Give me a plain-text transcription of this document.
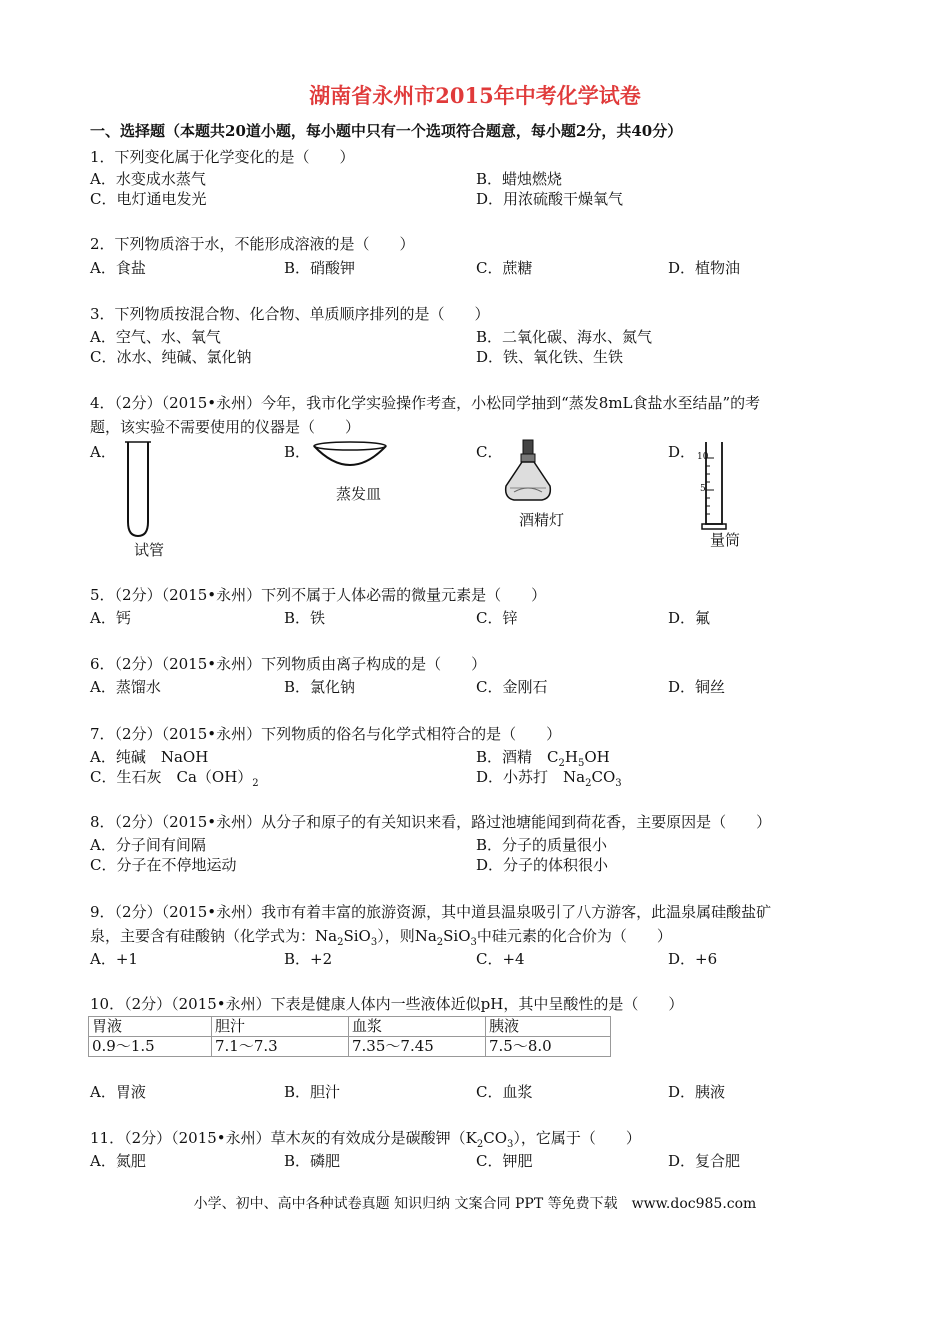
湖南省永州市2015年中考化学试卷
一、选择题（本题共20道小题，每小题中只有一个选项符合题意，每小题2分，共40分）
1．下列变化属于化学变化的是（　　）
A．水变成水蒸气	B．蜡烛燃烧
C．电灯通电发光	D．用浓硫酸干燥氧气
2．下列物质溶于水，不能形成溶液的是（　　）
A．食盐	B．硝酸钾	C．蔗糖	D．植物油
3．下列物质按混合物、化合物、单质顺序排列的是（　　）
A．空气、水、氧气	B．二氧化碳、海水、氮气
C．冰水、纯碱、氯化钠	D．铁、氧化铁、生铁
4．（2分）（2015•永州）今年，我市化学实验操作考查，小松同学抽到“蒸发8mL食盐水至结晶”的考
题，该实验不需要使用的仪器是（　　）
A．	B．	C．	D．
试管
蒸发皿
酒精灯
10
5
量筒
5．（2分）（2015•永州）下列不属于人体必需的微量元素是（　　）
A．钙	B．铁	C．锌	D．氟
6．（2分）（2015•永州）下列物质由离子构成的是（　　）
A．蒸馏水	B．氯化钠	C．金刚石	D．铜丝
7．（2分）（2015•永州）下列物质的俗名与化学式相符合的是（　　）
A．纯碱　NaOH	B．酒精　$C_2H_5OH$
C．生石灰　$Ca(OH)_2$	D．小苏打　$Na_2CO_3$
8．（2分）（2015•永州）从分子和原子的有关知识来看，路过池塘能闻到荷花香，主要原因是（　　）
A．分子间有间隔	B．分子的质量很小
C．分子在不停地运动	D．分子的体积很小
9．（2分）（2015•永州）我市有着丰富的旅游资源，其中道县温泉吸引了八方游客，此温泉属硅酸盐矿
泉，主要含有硅酸钠（化学式为：$Na_2SiO_3$），则$Na_2SiO_3$中硅元素的化合价为（　　）
A．+1	B．+2	C．+4	D．+6
10．（2分）（2015•永州）下表是健康人体内一些液体近似pH，其中呈酸性的是（　　）
胃液	胆汁	血浆	胰液
0.9～1.5	7.1～7.3	7.35～7.45	7.5～8.0
A．胃液	B．胆汁	C．血浆	D．胰液
11．（2分）（2015•永州）草木灰的有效成分是碳酸钾$(K_2CO_3)$，它属于（　　）
A．氮肥	B．磷肥	C．钾肥	D．复合肥
小学、初中、高中各种试卷真题 知识归纳 文案合同 PPT 等免费下载　www.doc985.com
